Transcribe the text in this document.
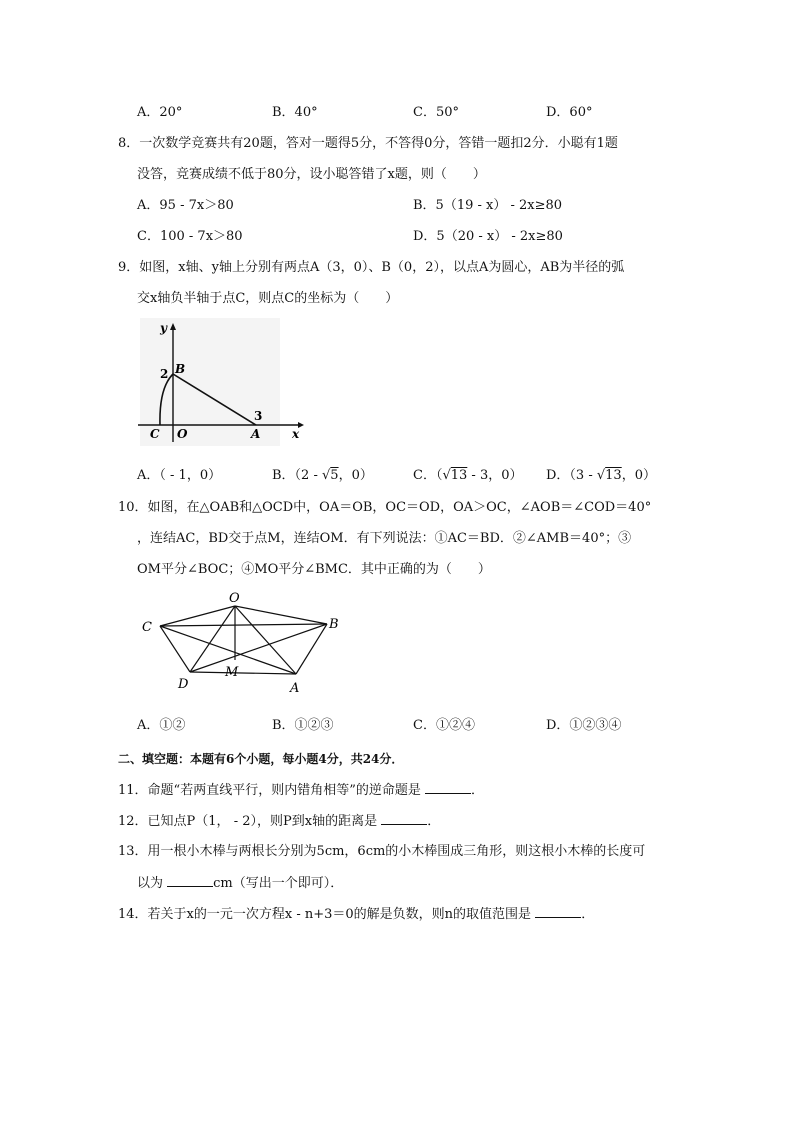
A．20°	B．40°	C．50°	D．60°
8．一次数学竞赛共有20题，答对一题得5分，不答得0分，答错一题扣2分．小聪有1题
没答，竞赛成绩不低于80分，设小聪答错了x题，则（　　）
A．95 - 7x＞80	B．5（19 - x） - 2x≥80
C．100 - 7x＞80	D．5（20 - x） - 2x≥80
9．如图，x轴、y轴上分别有两点A（3，0）、B（0，2），以点A为圆心，AB为半径的弧
交x轴负半轴于点C，则点C的坐标为（　　）
y
x
B
2
3
C O	A
A．（ - 1，0）	B．（2 - √5，0）	C．（√13 - 3，0） D．（3 - √13，0）
10．如图，在△OAB和△OCD中，OA＝OB，OC＝OD，OA＞OC，∠AOB＝∠COD＝40°
，连结AC，BD交于点M，连结OM．有下列说法：①AC＝BD．②∠AMB＝40°；③
OM平分∠BOC；④MO平分∠BMC．其中正确的为（　　）
O
C	B
M
D	A
A．①②	B．①②③	C．①②④	D．①②③④
二、填空题：本题有6个小题，每小题4分，共24分．
11．命题“若两直线平行，则内错角相等”的逆命题是	．
12．已知点P（1， - 2），则P到x轴的距离是	．
13．用一根小木棒与两根长分别为5cm，6cm的小木棒围成三角形，则这根小木棒的长度可
以为	cm（写出一个即可）．
14．若关于x的一元一次方程x - n+3＝0的解是负数，则n的取值范围是	．
